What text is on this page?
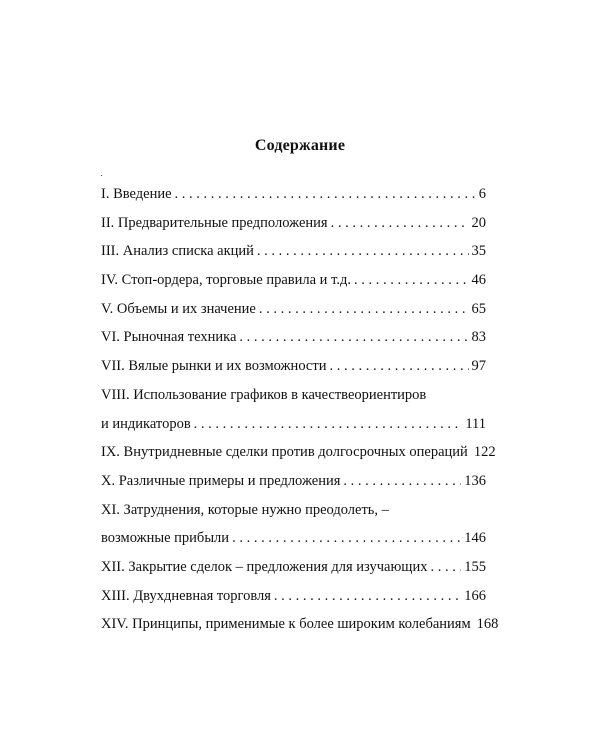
Содержание
I. Введение . . .	6
II. Предварительные предположения . . .	20
III. Анализ списка акций . . .	35
IV. Стоп-ордера, торговые правила и т.д. . . .	46
V. Объемы и их значение . . .	65
VI. Рыночная техника . . .	83
VII. Вялые рынки и их возможности . . .	97
VIII. Использование графиков в качествеориентиров
и индикаторов . . .	111
IX. Внутридневные сделки против долгосрочных операций 122
X. Различные примеры и предложения . . .	136
XI. Затруднения, которые нужно преодолеть, –
возможные прибыли . . .	146
XII. Закрытие сделок – предложения для изучающих . . .	155
XIII. Двухдневная торговля . . .	166
XIV. Принципы, применимые к более широким колебаниям 168
